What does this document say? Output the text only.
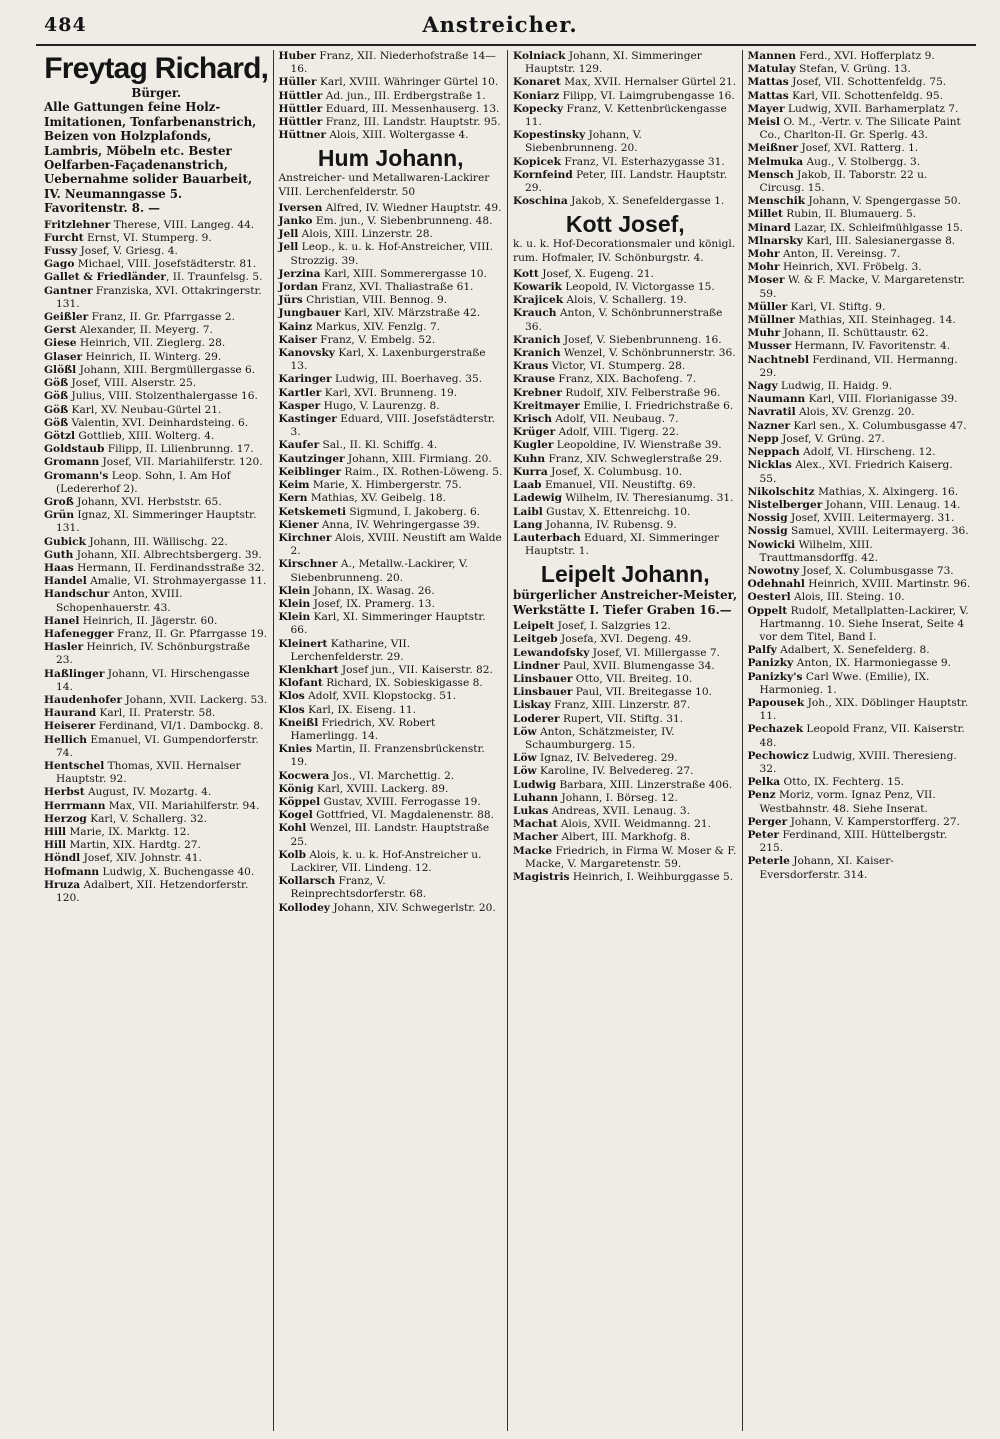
484	Anstreicher.
Freytag Richard,
Bürger.
Alle Gattungen feine Holz-Imitationen, Tonfarbenanstrich, Beizen von Holzplafonds, Lambris, Möbeln etc. Bester Oelfarben-Façadenanstrich, Uebernahme solider Bauarbeit, IV. Neumanngasse 5. Favoritenstr. 8. —
Fritzlehner Therese, VIII. Langeg. 44.
Furcht Ernst, VI. Stumperg. 9.
Fussy Josef, V. Griesg. 4.
Gago Michael, VIII. Josefstädterstr. 81.
Gallet & Friedländer, II. Traunfelsg. 5.
Gantner Franziska, XVI. Ottakringerstr. 131.
Geißler Franz, II. Gr. Pfarrgasse 2.
Gerst Alexander, II. Meyerg. 7.
Giese Heinrich, VII. Zieglerg. 28.
Glaser Heinrich, II. Winterg. 29.
Glößl Johann, XIII. Bergmüllergasse 6.
Göß Josef, VIII. Alserstr. 25.
Göß Julius, VIII. Stolzenthalergasse 16.
Göß Karl, XV. Neubau-Gürtel 21.
Göß Valentin, XVI. Deinhardsteing. 6.
Götzl Gottlieb, XIII. Wolterg. 4.
Goldstaub Filipp, II. Lilienbrunng. 17.
Gromann Josef, VII. Mariahilferstr. 120.
Gromann's Leop. Sohn, I. Am Hof (Ledererhof 2).
Groß Johann, XVI. Herbststr. 65.
Grün Ignaz, XI. Simmeringer Hauptstr. 131.
Gubick Johann, III. Wällischg. 22.
Guth Johann, XII. Albrechtsbergerg. 39.
Haas Hermann, II. Ferdinandsstraße 32.
Handel Amalie, VI. Strohmayergasse 11.
Handschur Anton, XVIII. Schopenhauerstr. 43.
Hanel Heinrich, II. Jägerstr. 60.
Hafenegger Franz, II. Gr. Pfarrgasse 19.
Hasler Heinrich, IV. Schönburgstraße 23.
Haßlinger Johann, VI. Hirschengasse 14.
Haudenhofer Johann, XVII. Lackerg. 53.
Haurand Karl, II. Praterstr. 58.
Heiserer Ferdinand, VI/1. Dambockg. 8.
Hellich Emanuel, VI. Gumpendorferstr. 74.
Hentschel Thomas, XVII. Hernalser Hauptstr. 92.
Herbst August, IV. Mozartg. 4.
Herrmann Max, VII. Mariahilferstr. 94.
Herzog Karl, V. Schallerg. 32.
Hill Marie, IX. Marktg. 12.
Hill Martin, XIX. Hardtg. 27.
Höndl Josef, XIV. Johnstr. 41.
Hofmann Ludwig, X. Buchengasse 40.
Hruza Adalbert, XII. Hetzendorferstr. 120.
Huber Franz, XII. Niederhofstraße 14—16.
Hüller Karl, XVIII. Währinger Gürtel 10.
Hüttler Ad. jun., III. Erdbergstraße 1.
Hüttler Eduard, III. Messenhauserg. 13.
Hüttler Franz, III. Landstr. Hauptstr. 95.
Hüttner Alois, XIII. Woltergasse 4.
Hum Johann,
Anstreicher- und Metallwaren-Lackirer VIII. Lerchenfelderstr. 50
Iversen Alfred, IV. Wiedner Hauptstr. 49.
Janko Em. jun., V. Siebenbrunneng. 48.
Jell Alois, XIII. Linzerstr. 28.
Jell Leop., k. u. k. Hof-Anstreicher, VIII. Strozzig. 39.
Jerzina Karl, XIII. Sommerergasse 10.
Jordan Franz, XVI. Thaliastraße 61.
Jürs Christian, VIII. Bennog. 9.
Jungbauer Karl, XIV. Märzstraße 42.
Kainz Markus, XIV. Fenzlg. 7.
Kaiser Franz, V. Embelg. 52.
Kanovsky Karl, X. Laxenburgerstraße 13.
Karinger Ludwig, III. Boerhaveg. 35.
Kartler Karl, XVI. Brunneng. 19.
Kasper Hugo, V. Laurenzg. 8.
Kastinger Eduard, VIII. Josefstädterstr. 3.
Kaufer Sal., II. Kl. Schiffg. 4.
Kautzinger Johann, XIII. Firmiang. 20.
Keiblinger Raim., IX. Rothen-Löweng. 5.
Keim Marie, X. Himbergerstr. 75.
Kern Mathias, XV. Geibelg. 18.
Ketskemeti Sigmund, I. Jakoberg. 6.
Kiener Anna, IV. Wehringergasse 39.
Kirchner Alois, XVIII. Neustift am Walde 2.
Kirschner A., Metallw.-Lackirer, V. Siebenbrunneng. 20.
Klein Johann, IX. Wasag. 26.
Klein Josef, IX. Pramerg. 13.
Klein Karl, XI. Simmeringer Hauptstr. 66.
Kleinert Katharine, VII. Lerchenfelderstr. 29.
Klenkhart Josef jun., VII. Kaiserstr. 82.
Klofant Richard, IX. Sobieskigasse 8.
Klos Adolf, XVII. Klopstockg. 51.
Klos Karl, IX. Eiseng. 11.
Kneißl Friedrich, XV. Robert Hamerlingg. 14.
Knies Martin, II. Franzensbrückenstr. 19.
Kocwera Jos., VI. Marchettig. 2.
König Karl, XVIII. Lackerg. 89.
Köppel Gustav, XVIII. Ferrogasse 19.
Kogel Gottfried, VI. Magdalenenstr. 88.
Kohl Wenzel, III. Landstr. Hauptstraße 25.
Kolb Alois, k. u. k. Hof-Anstreicher u. Lackirer, VII. Lindeng. 12.
Kollarsch Franz, V. Reinprechtsdorferstr. 68.
Kollodey Johann, XIV. Schwegerlstr. 20.
Kolniack Johann, XI. Simmeringer Hauptstr. 129.
Konaret Max, XVII. Hernalser Gürtel 21.
Koniarz Filipp, VI. Laimgrubengasse 16.
Kopecky Franz, V. Kettenbrückengasse 11.
Kopestinsky Johann, V. Siebenbrunneng. 20.
Kopicek Franz, VI. Esterhazygasse 31.
Kornfeind Peter, III. Landstr. Hauptstr. 29.
Koschina Jakob, X. Senefeldergasse 1.
Kott Josef,
k. u. k. Hof-Decorationsmaler und königl. rum. Hofmaler, IV. Schönburgstr. 4.
Kott Josef, X. Eugeng. 21.
Kowarik Leopold, IV. Victorgasse 15.
Krajicek Alois, V. Schallerg. 19.
Krauch Anton, V. Schönbrunnerstraße 36.
Kranich Josef, V. Siebenbrunneng. 16.
Kranich Wenzel, V. Schönbrunnerstr. 36.
Kraus Victor, VI. Stumperg. 28.
Krause Franz, XIX. Bachofeng. 7.
Krebner Rudolf, XIV. Felberstraße 96.
Kreitmayer Emilie, I. Friedrichstraße 6.
Krisch Adolf, VII. Neubaug. 7.
Krüger Adolf, VIII. Tigerg. 22.
Kugler Leopoldine, IV. Wienstraße 39.
Kuhn Franz, XIV. Schweglerstraße 29.
Kurra Josef, X. Columbusg. 10.
Laab Emanuel, VII. Neustiftg. 69.
Ladewig Wilhelm, IV. Theresianumg. 31.
Laibl Gustav, X. Ettenreichg. 10.
Lang Johanna, IV. Rubensg. 9.
Lauterbach Eduard, XI. Simmeringer Hauptstr. 1.
Leipelt Johann,
bürgerlicher Anstreicher-Meister, Werkstätte I. Tiefer Graben 16.—
Leipelt Josef, I. Salzgries 12.
Leitgeb Josefa, XVI. Degeng. 49.
Lewandofsky Josef, VI. Millergasse 7.
Lindner Paul, XVII. Blumengasse 34.
Linsbauer Otto, VII. Breiteg. 10.
Linsbauer Paul, VII. Breitegasse 10.
Liskay Franz, XIII. Linzerstr. 87.
Loderer Rupert, VII. Stiftg. 31.
Löw Anton, Schätzmeister, IV. Schaumburgerg. 15.
Löw Ignaz, IV. Belvedereg. 29.
Löw Karoline, IV. Belvedereg. 27.
Ludwig Barbara, XIII. Linzerstraße 406.
Luhann Johann, I. Börseg. 12.
Lukas Andreas, XVII. Lenaug. 3.
Machat Alois, XVII. Weidmanng. 21.
Macher Albert, III. Markhofg. 8.
Macke Friedrich, in Firma W. Moser & F. Macke, V. Margaretenstr. 59.
Magistris Heinrich, I. Weihburggasse 5.
Mannen Ferd., XVI. Hofferplatz 9.
Matulay Stefan, V. Grüng. 13.
Mattas Josef, VII. Schottenfeldg. 75.
Mattas Karl, VII. Schottenfeldg. 95.
Mayer Ludwig, XVII. Barhamerplatz 7.
Meisl O. M., -Vertr. v. The Silicate Paint Co., Charlton-II. Gr. Sperlg. 43.
Meißner Josef, XVI. Ratterg. 1.
Melmuka Aug., V. Stolbergg. 3.
Mensch Jakob, II. Taborstr. 22 u. Circusg. 15.
Menschik Johann, V. Spengergasse 50.
Millet Rubin, II. Blumauerg. 5.
Minard Lazar, IX. Schleifmühlgasse 15.
Mlnarsky Karl, III. Salesianergasse 8.
Mohr Anton, II. Vereinsg. 7.
Mohr Heinrich, XVI. Fröbelg. 3.
Moser W. & F. Macke, V. Margaretenstr. 59.
Müller Karl, VI. Stiftg. 9.
Müllner Mathias, XII. Steinhageg. 14.
Muhr Johann, II. Schüttaustr. 62.
Musser Hermann, IV. Favoritenstr. 4.
Nachtnebl Ferdinand, VII. Hermanng. 29.
Nagy Ludwig, II. Haidg. 9.
Naumann Karl, VIII. Florianigasse 39.
Navratil Alois, XV. Grenzg. 20.
Nazner Karl sen., X. Columbusgasse 47.
Nepp Josef, V. Grüng. 27.
Neppach Adolf, VI. Hirscheng. 12.
Nicklas Alex., XVI. Friedrich Kaiserg. 55.
Nikolschitz Mathias, X. Alxingerg. 16.
Nistelberger Johann, VIII. Lenaug. 14.
Nossig Josef, XVIII. Leitermayerg. 31.
Nossig Samuel, XVIII. Leitermayerg. 36.
Nowicki Wilhelm, XIII. Trauttmansdorffg. 42.
Nowotny Josef, X. Columbusgasse 73.
Odehnahl Heinrich, XVIII. Martinstr. 96.
Oesterl Alois, III. Steing. 10.
Oppelt Rudolf, Metallplatten-Lackirer, V. Hartmanng. 10. Siehe Inserat, Seite 4 vor dem Titel, Band I.
Palfy Adalbert, X. Senefelderg. 8.
Panizky Anton, IX. Harmoniegasse 9.
Panizky's Carl Wwe. (Emilie), IX. Harmonieg. 1.
Papousek Joh., XIX. Döblinger Hauptstr. 11.
Pechazek Leopold Franz, VII. Kaiserstr. 48.
Pechowicz Ludwig, XVIII. Theresieng. 32.
Pelka Otto, IX. Fechterg. 15.
Penz Moriz, vorm. Ignaz Penz, VII. Westbahnstr. 48. Siehe Inserat.
Perger Johann, V. Kamperstorfferg. 27.
Peter Ferdinand, XIII. Hüttelbergstr. 215.
Peterle Johann, XI. Kaiser-Eversdorferstr. 314.
